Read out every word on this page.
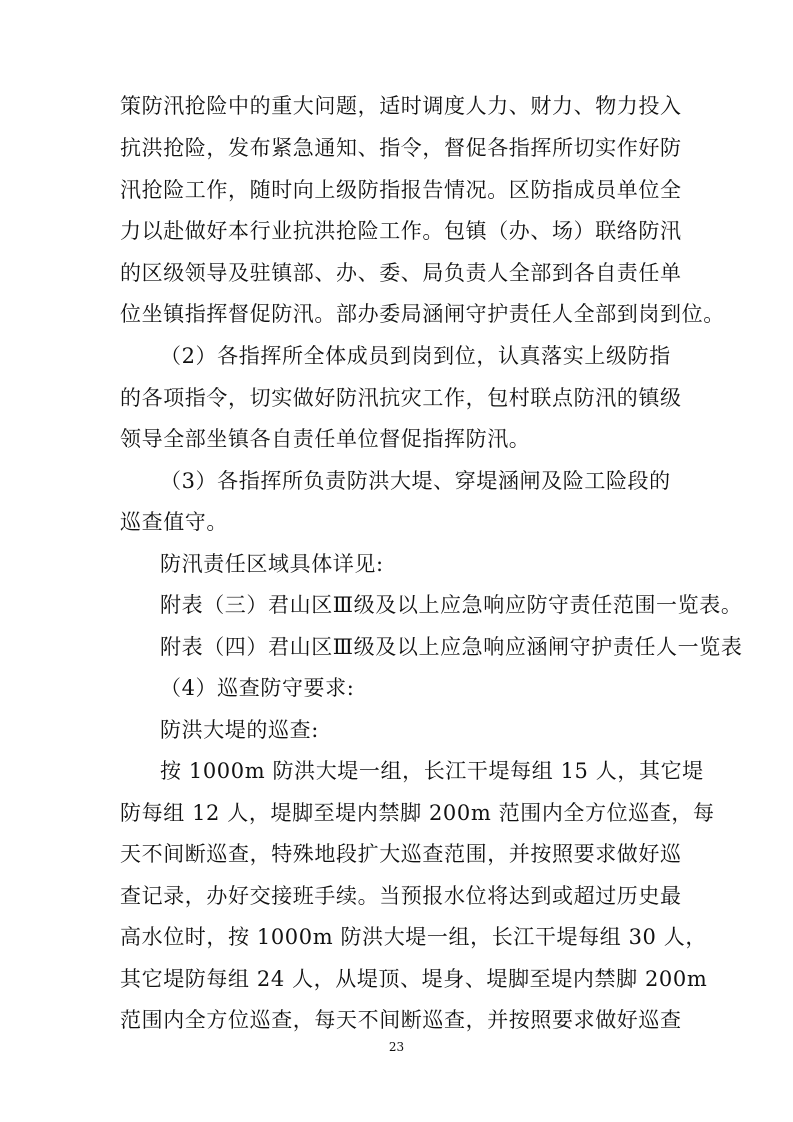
策防汛抢险中的重大问题，适时调度人力、财力、物力投入
抗洪抢险，发布紧急通知、指令，督促各指挥所切实作好防
汛抢险工作，随时向上级防指报告情况。区防指成员单位全
力以赴做好本行业抗洪抢险工作。包镇（办、场）联络防汛
的区级领导及驻镇部、办、委、局负责人全部到各自责任单
位坐镇指挥督促防汛。部办委局涵闸守护责任人全部到岗到位。
（2）各指挥所全体成员到岗到位，认真落实上级防指
的各项指令，切实做好防汛抗灾工作，包村联点防汛的镇级
领导全部坐镇各自责任单位督促指挥防汛。
（3）各指挥所负责防洪大堤、穿堤涵闸及险工险段的
巡查值守。
防汛责任区域具体详见:
附表（三）君山区Ⅲ级及以上应急响应防守责任范围一览表。
附表（四）君山区Ⅲ级及以上应急响应涵闸守护责任人一览表
（4）巡查防守要求:
防洪大堤的巡查:
按 1000m 防洪大堤一组，长江干堤每组 15 人，其它堤
防每组 12 人，堤脚至堤内禁脚 200m 范围内全方位巡查，每
天不间断巡查，特殊地段扩大巡查范围，并按照要求做好巡
查记录，办好交接班手续。当预报水位将达到或超过历史最
高水位时，按 1000m 防洪大堤一组，长江干堤每组 30 人，
其它堤防每组 24 人，从堤顶、堤身、堤脚至堤内禁脚 200m
范围内全方位巡查，每天不间断巡查，并按照要求做好巡查
23
